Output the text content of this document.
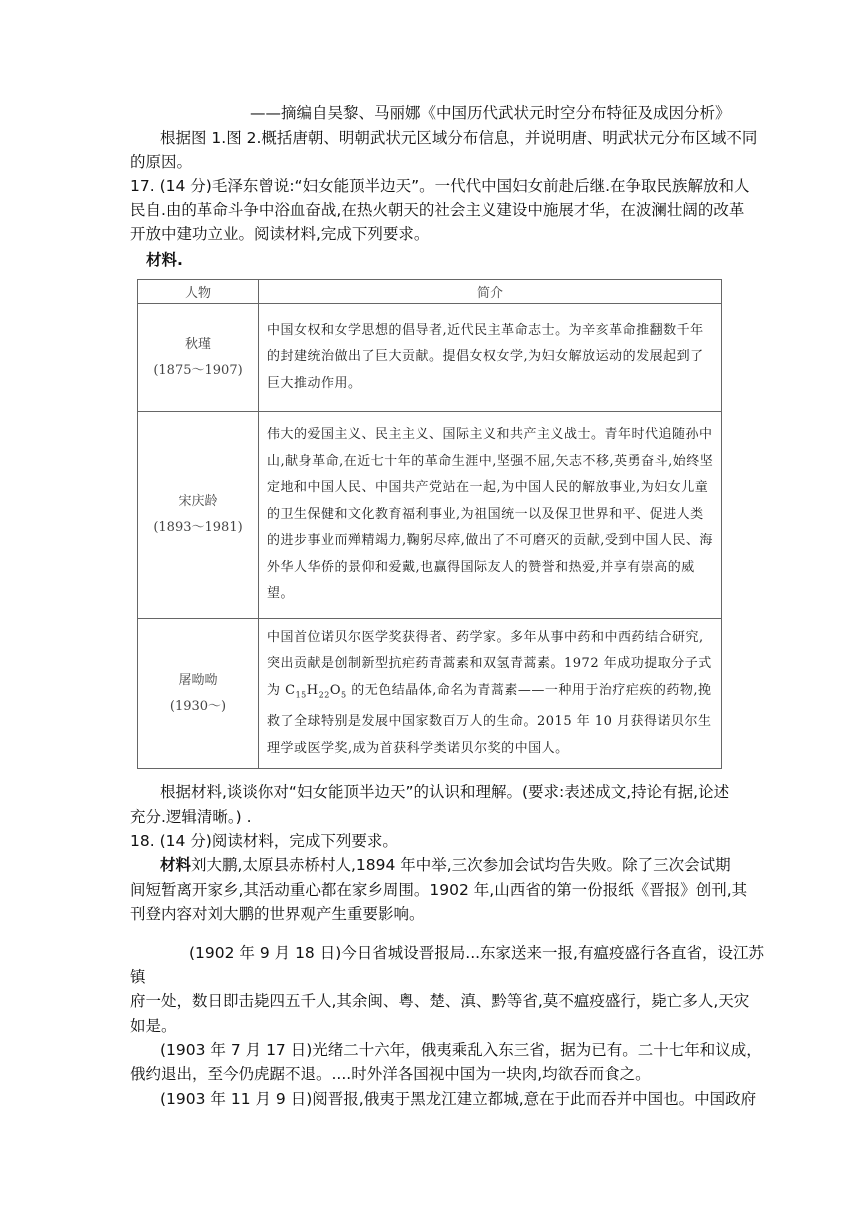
——摘编自吴黎、马丽娜《中国历代武状元时空分布特征及成因分析》
根据图 1.图 2.概括唐朝、明朝武状元区域分布信息，并说明唐、明武状元分布区域不同
的原因。
17. (14 分)毛泽东曾说:“妇女能顶半边天”。一代代中国妇女前赴后继.在争取民族解放和人
民自.由的革命斗争中浴血奋战,在热火朝天的社会主义建设中施展才华，在波澜壮阔的改革
开放中建功立业。阅读材料,完成下列要求。
材料.
人物	简介

秋瑾
(1875～1907)	中国女权和女学思想的倡导者,近代民主革命志士。为辛亥革命推翻数千年的封建统治做出了巨大贡献。提倡女权女学,为妇女解放运动的发展起到了巨大推动作用。

宋庆龄
(1893～1981)	伟大的爱国主义、民主主义、国际主义和共产主义战士。青年时代追随孙中山,献身革命,在近七十年的革命生涯中,坚强不屈,矢志不移,英勇奋斗,始终坚定地和中国人民、中国共产党站在一起,为中国人民的解放事业,为妇女儿童的卫生保健和文化教育福利事业,为祖国统一以及保卫世界和平、促进人类的进步事业而殚精竭力,鞠躬尽瘁,做出了不可磨灭的贡献,受到中国人民、海外华人华侨的景仰和爱戴,也赢得国际友人的赞誉和热爱,并享有崇高的威望。

屠呦呦
(1930～)	中国首位诺贝尔医学奖获得者、药学家。多年从事中药和中西药结合研究,突出贡献是创制新型抗疟药青蒿素和双氢青蒿素。1972 年成功提取分子式为 $C_{15}H_{22}O_5$ 的无色结晶体,命名为青蒿素——一种用于治疗疟疾的药物,挽救了全球特别是发展中国家数百万人的生命。2015 年 10 月获得诺贝尔生理学或医学奖,成为首获科学类诺贝尔奖的中国人。
根据材料,谈谈你对“妇女能顶半边天”的认识和理解。(要求:表述成文,持论有据,论述
充分.逻辑清晰。) .
18. (14 分)阅读材料，完成下列要求。
材料刘大鹏,太原县赤桥村人,1894 年中举,三次参加会试均告失败。除了三次会试期
间短暂离开家乡,其活动重心都在家乡周围。1902 年,山西省的第一份报纸《晋报》创刊,其
刊登内容对刘大鹏的世界观产生重要影响。
(1902 年 9 月 18 日)今日省城设晋报局...东家送来一报,有瘟疫盛行各直省，设江苏
镇
府一处，数日即击毙四五千人,其余闽、粤、楚、滇、黔等省,莫不瘟疫盛行，毙亡多人,天灾
如是。
(1903 年 7 月 17 日)光绪二十六年，俄夷乘乱入东三省，据为已有。二十七年和议成，
俄约退出，至今仍虎踞不退。....时外洋各国视中国为一块肉,均欲吞而食之。
(1903 年 11 月 9 日)阅晋报,俄夷于黑龙江建立都城,意在于此而吞并中国也。中国政府
